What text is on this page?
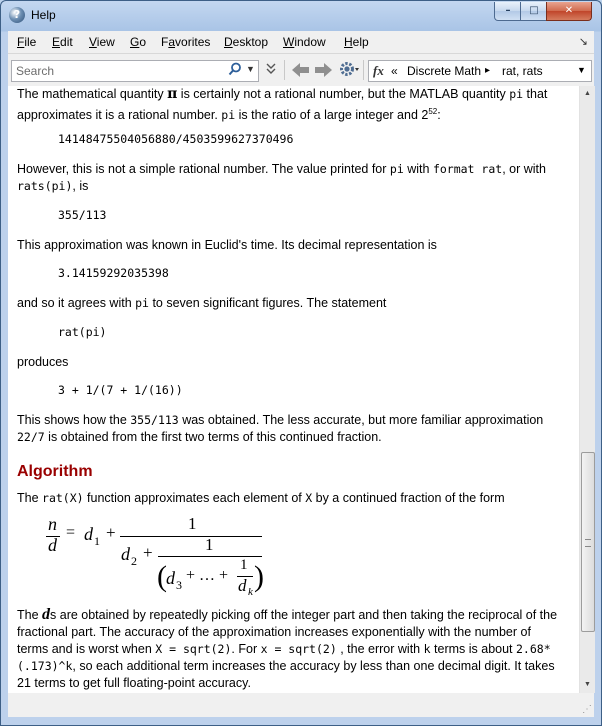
? Help	–	□	✕
File Edit View Go Favorites Desktop Window Help	↘
Search	▼	fx « Discrete Math ▸ rat, rats	▼

The mathematical quantity π is certainly not a rational number, but the MATLAB quantity pi that approximates it is a rational number. pi is the ratio of a large integer and $2^{52}$:

14148475504056880/4503599627370496

However, this is not a simple rational number. The value printed for pi with format rat, or with rats(pi), is

355/113

This approximation was known in Euclid's time. Its decimal representation is

3.14159292035398

and so it agrees with pi to seven significant figures. The statement

rat(pi)

produces

3 + 1/(7 + 1/(16))

This shows how the 355/113 was obtained. The less accurate, but more familiar approximation 22/7 is obtained from the first two terms of this continued fraction.

Algorithm

The rat(X) function approximates each element of X by a continued fraction of the form

n
d
= d 1 +	1
d 2 +	1
( d 3
+ … +
1
d k )

The ds are obtained by repeatedly picking off the integer part and then taking the reciprocal of the fractional part. The accuracy of the approximation increases exponentially with the number of terms and is worst when X = sqrt(2). For x = sqrt(2) , the error with k terms is about 2.68*(.173)^k, so each additional term increases the accuracy by less than one decimal digit. It takes 21 terms to get full floating-point accuracy.

▲
▼
⋰
